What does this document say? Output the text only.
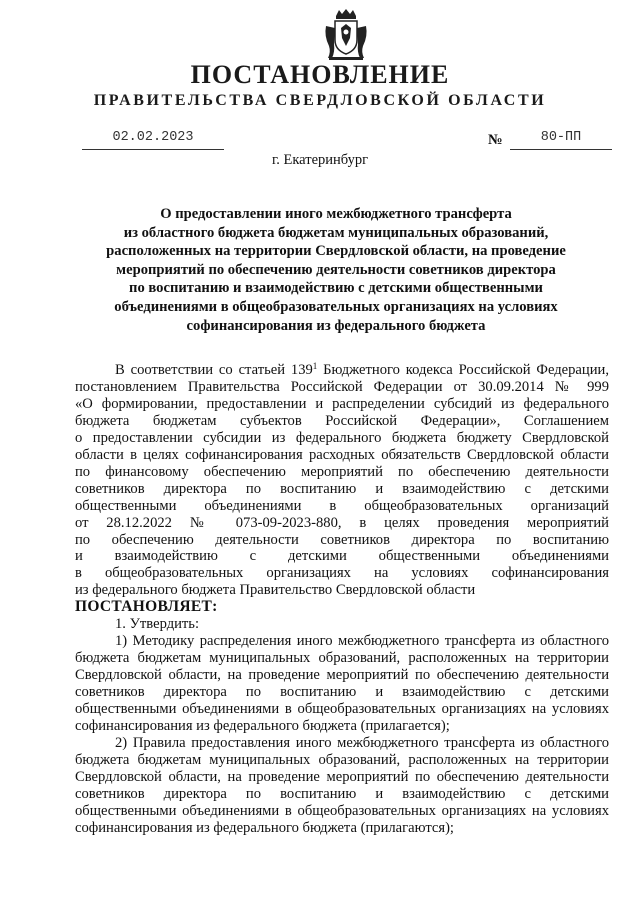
ПОСТАНОВЛЕНИЕ
ПРАВИТЕЛЬСТВА СВЕРДЛОВСКОЙ ОБЛАСТИ
02.02.2023	№	80-ПП
г. Екатеринбург
О предоставлении иного межбюджетного трансферта
из областного бюджета бюджетам муниципальных образований,
расположенных на территории Свердловской области, на проведение
мероприятий по обеспечению деятельности советников директора
по воспитанию и взаимодействию с детскими общественными
объединениями в общеобразовательных организациях на условиях
софинансирования из федерального бюджета
В соответствии со статьей $139^1$ Бюджетного кодекса Российской Федерации,
постановлением Правительства Российской Федерации от 30.09.2014 № 999
«О формировании, предоставлении и распределении субсидий из федерального
бюджета бюджетам субъектов Российской Федерации», Соглашением
о предоставлении субсидии из федерального бюджета бюджету Свердловской
области в целях софинансирования расходных обязательств Свердловской области
по финансовому обеспечению мероприятий по обеспечению деятельности
советников директора по воспитанию и взаимодействию с детскими
общественными объединениями в общеобразовательных организаций
от 28.12.2022 № 073-09-2023-880, в целях проведения мероприятий
по обеспечению деятельности советников директора по воспитанию
и взаимодействию с детскими общественными объединениями
в общеобразовательных организациях на условиях софинансирования
из федерального бюджета Правительство Свердловской области
ПОСТАНОВЛЯЕТ:
1. Утвердить:
1) Методику распределения иного межбюджетного трансферта из областного
бюджета бюджетам муниципальных образований, расположенных на территории
Свердловской области, на проведение мероприятий по обеспечению деятельности
советников директора по воспитанию и взаимодействию с детскими
общественными объединениями в общеобразовательных организациях на условиях
софинансирования из федерального бюджета (прилагается);
2) Правила предоставления иного межбюджетного трансферта из областного
бюджета бюджетам муниципальных образований, расположенных на территории
Свердловской области, на проведение мероприятий по обеспечению деятельности
советников директора по воспитанию и взаимодействию с детскими
общественными объединениями в общеобразовательных организациях на условиях
софинансирования из федерального бюджета (прилагаются);
